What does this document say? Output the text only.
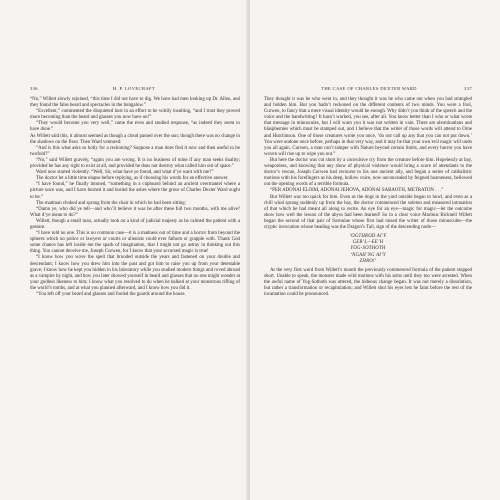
336	H. P. LOVECRAFT

“No,” Willett slowly rejoined, “this time I did not have to dig. We have had men looking up Dr. Allen, and they found the false beard and spectacles in the bungalow.”

“Excellent,” commented the disquieted host in an effort to be wittily insulting, “and I trust they proved more becoming than the beard and glasses you now have on!”

“They would become you very well,” came the even and studied response, “as indeed they seem to have done.”

As Willett said this, it almost seemed as though a cloud passed over the sun; though there was no change in the shadows on the floor. Then Ward ventured:

“And is this what asks so hotly for a reckoning? Suppose a man does find it now and then useful to be twofold?”

“No,” said Willett gravely, “again you are wrong. It is no business of mine if any man seeks duality; provided he has any right to exist at all, and provided he does not destroy what called him out of space.”

Ward now started violently. “Well, Sir, what have ye found, and what d’ye want with me?”

The doctor let a little time elapse before replying, as if choosing his words for an effective answer.

“I have found,” he finally intoned, “something in a cupboard behind an ancient overmantel where a picture once was, and I have burned it and buried the ashes where the grave of Charles Dexter Ward ought to be.”

The madman choked and sprang from the chair in which he had been sitting:

“Damn ye, who did ye tell—and who’ll believe it was he after these full two months, with me alive? What d’ye mean to do?”

Willett, though a small man, actually took on a kind of judicial majesty as he calmed the patient with a gesture.

“I have told no one. This is no common case—it is a madness out of time and a horror from beyond the spheres which no police or lawyers or courts or alienists could ever fathom or grapple with. Thank God some chance has left inside me the spark of imagination, that I might not go astray in thinking out this thing. You cannot deceive me, Joseph Curwen, for I know that your accursed magic is true!

“I know how you wove the spell that brooded outside the years and fastened on your double and descendant; I know how you drew him into the past and got him to raise you up from your detestable grave; I know how he kept you hidden in his laboratory while you studied modern things and roved abroad as a vampire by night, and how you later showed yourself in beard and glasses that no one might wonder at your godless likeness to him; I know what you resolved to do when he balked at your monstrous rifling of the world’s tombs, and at what you planned afterward, and I know how you did it.

“You left off your beard and glasses and fooled the guards around the house.

THE CASE OF CHARLES DEXTER WARD	337

They thought it was he who went in, and they thought it was he who came out when you had strangled and hidden him. But you hadn’t reckoned on the different contents of two minds. You were a fool, Curwen, to fancy that a mere visual identity would be enough. Why didn’t you think of the speech and the voice and the handwriting? It hasn’t worked, you see, after all. You know better than I who or what wrote that message in minuscules, but I will warn you it was not written in vain. There are abominations and blasphemies which must be stamped out, and I believe that the writer of those words will attend to Orne and Hutchinson. One of those creatures wrote you once, ‘do not call up any that you can not put down.’ You were undone once before, perhaps in that very way, and it may be that your own evil magic will undo you all again. Curwen, a man can’t tamper with Nature beyond certain limits, and every horror you have woven will rise up to wipe you out.”

But here the doctor was cut short by a convulsive cry from the creature before him. Hopelessly at bay, weaponless, and knowing that any show of physical violence would bring a score of attendants to the doctor’s rescue, Joseph Curwen had recourse to his one ancient ally, and began a series of cabbalistic motions with his forefingers as his deep, hollow voice, now unconcealed by feigned hoarseness, bellowed out the opening words of a terrible formula.

“PER ADONAI ELOIM, ADONAI JEHOVA, ADONAI SABAOTH, METRATON . . .”

But Willett was too quick for him. Even as the dogs in the yard outside began to howl, and even as a chill wind sprang suddenly up from the bay, the doctor commenced the solemn and measured intonation of that which he had meant all along to recite. An eye for an eye—magic for magic—let the outcome show how well the lesson of the abyss had been learned! So in a clear voice Marinus Bicknell Willett began the second of that pair of formulae whose first had raised the writer of those minuscules—the cryptic invocation whose heading was the Dragon’s Tail, sign of the descending node—

‘OGTHROD AI’F
GEB’L—EE’H
YOG-SOTHOTH
‘NGAH’NG AI’Y
ZHRO!’

At the very first word from Willett’s mouth the previously commenced formula of the patient stopped short. Unable to speak, the monster made wild motions with his arms until they too were arrested. When the awful name of Yog-Sothoth was uttered, the hideous change began. It was not merely a dissolution, but rather a transformation or recapitulation; and Willett shut his eyes lest he faint before the rest of the incantation could be pronounced.
